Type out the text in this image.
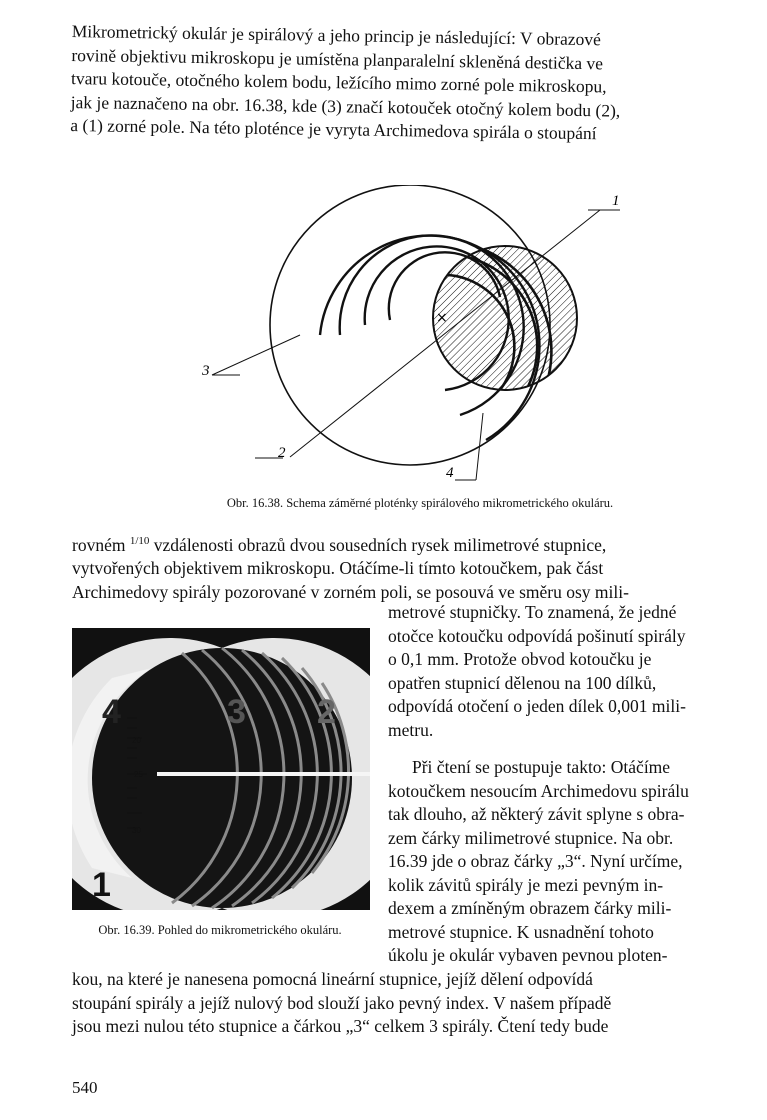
Mikrometrický okulár je spirálový a jeho princip je následující: V obrazové
rovině objektivu mikroskopu je umístěna planparalelní skleněná destička ve
tvaru kotouče, otočného kolem bodu, ležícího mimo zorné pole mikroskopu,
jak je naznačeno na obr. 16.38, kde (3) značí kotouček otočný kolem bodu (2),
a (1) zorné pole. Na této ploténce je vyryta Archimedova spirála o stoupání

×
1
2
3
4

Obr. 16.38. Schema záměrné ploténky spirálového mikrometrického okuláru.

rovném $^{1/10}$ vzdálenosti obrazů dvou sousedních rysek milimetrové stupnice,
vytvořených objektivem mikroskopu. Otáčíme-li tímto kotoučkem, pak část
Archimedovy spirály pozorované v zorném poli, se posouvá ve směru osy mili-

4	3 2
1
20
25
30

Obr. 16.39. Pohled do mikrometrického okuláru.

metrové stupničky. To znamená, že jedné
otočce kotoučku odpovídá pošinutí spirály
o 0,1 mm. Protože obvod kotoučku je
opatřen stupnicí dělenou na 100 dílků,
odpovídá otočení o jeden dílek 0,001 mili-
metru.

Při čtení se postupuje takto: Otáčíme
kotoučkem nesoucím Archimedovu spirálu
tak dlouho, až některý závit splyne s obra-
zem čárky milimetrové stupnice. Na obr.
16.39 jde o obraz čárky „3“. Nyní určíme,
kolik závitů spirály je mezi pevným in-
dexem a zmíněným obrazem čárky mili-
metrové stupnice. K usnadnění tohoto
úkolu je okulár vybaven pevnou ploten-

kou, na které je nanesena pomocná lineární stupnice, jejíž dělení odpovídá
stoupání spirály a jejíž nulový bod slouží jako pevný index. V našem případě
jsou mezi nulou této stupnice a čárkou „3“ celkem 3 spirály. Čtení tedy bude

540
